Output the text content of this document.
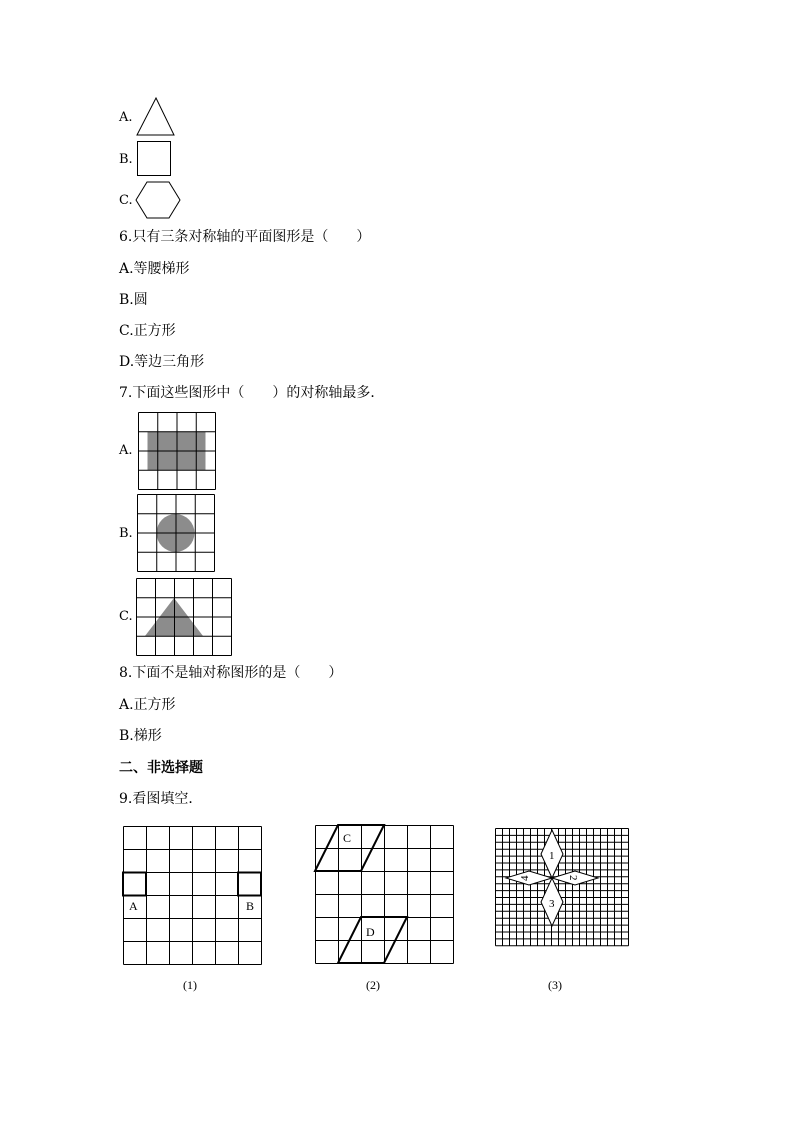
A.
B.
C.
6.只有三条对称轴的平面图形是（　　）
A.等腰梯形
B.圆
C.正方形
D.等边三角形
7.下面这些图形中（　　）的对称轴最多．
A.
B.
C.
8.下面不是轴对称图形的是（　　）
A.正方形
B.梯形
二、非选择题
9.看图填空．
A	B
(1)
C
D
(2)
1
3
2
4
(3)
